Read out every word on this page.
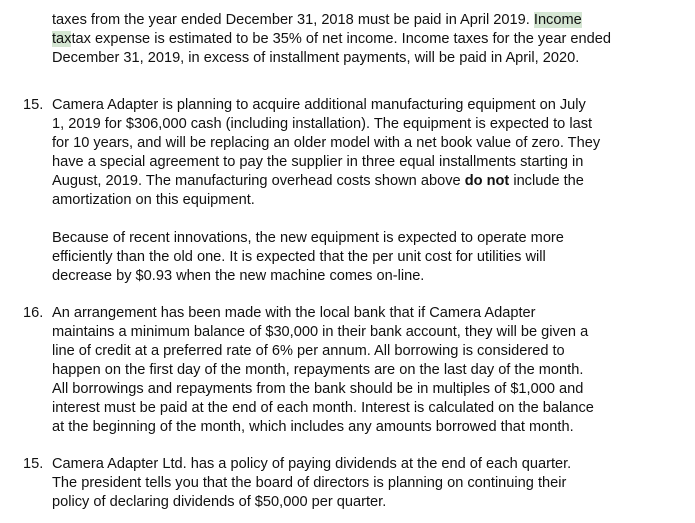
taxes from the year ended December 31, 2018 must be paid in April 2019. Income
taxtax expense is estimated to be 35% of net income. Income taxes for the year ended
December 31, 2019, in excess of installment payments, will be paid in April, 2020.
15. Camera Adapter is planning to acquire additional manufacturing equipment on July
1, 2019 for $306,000 cash (including installation). The equipment is expected to last
for 10 years, and will be replacing an older model with a net book value of zero. They
have a special agreement to pay the supplier in three equal installments starting in
August, 2019. The manufacturing overhead costs shown above do not include the
amortization on this equipment.
Because of recent innovations, the new equipment is expected to operate more
efficiently than the old one. It is expected that the per unit cost for utilities will
decrease by $0.93 when the new machine comes on-line.
16. An arrangement has been made with the local bank that if Camera Adapter
maintains a minimum balance of $30,000 in their bank account, they will be given a
line of credit at a preferred rate of 6% per annum. All borrowing is considered to
happen on the first day of the month, repayments are on the last day of the month.
All borrowings and repayments from the bank should be in multiples of $1,000 and
interest must be paid at the end of each month. Interest is calculated on the balance
at the beginning of the month, which includes any amounts borrowed that month.
15. Camera Adapter Ltd. has a policy of paying dividends at the end of each quarter.
The president tells you that the board of directors is planning on continuing their
policy of declaring dividends of $50,000 per quarter.
